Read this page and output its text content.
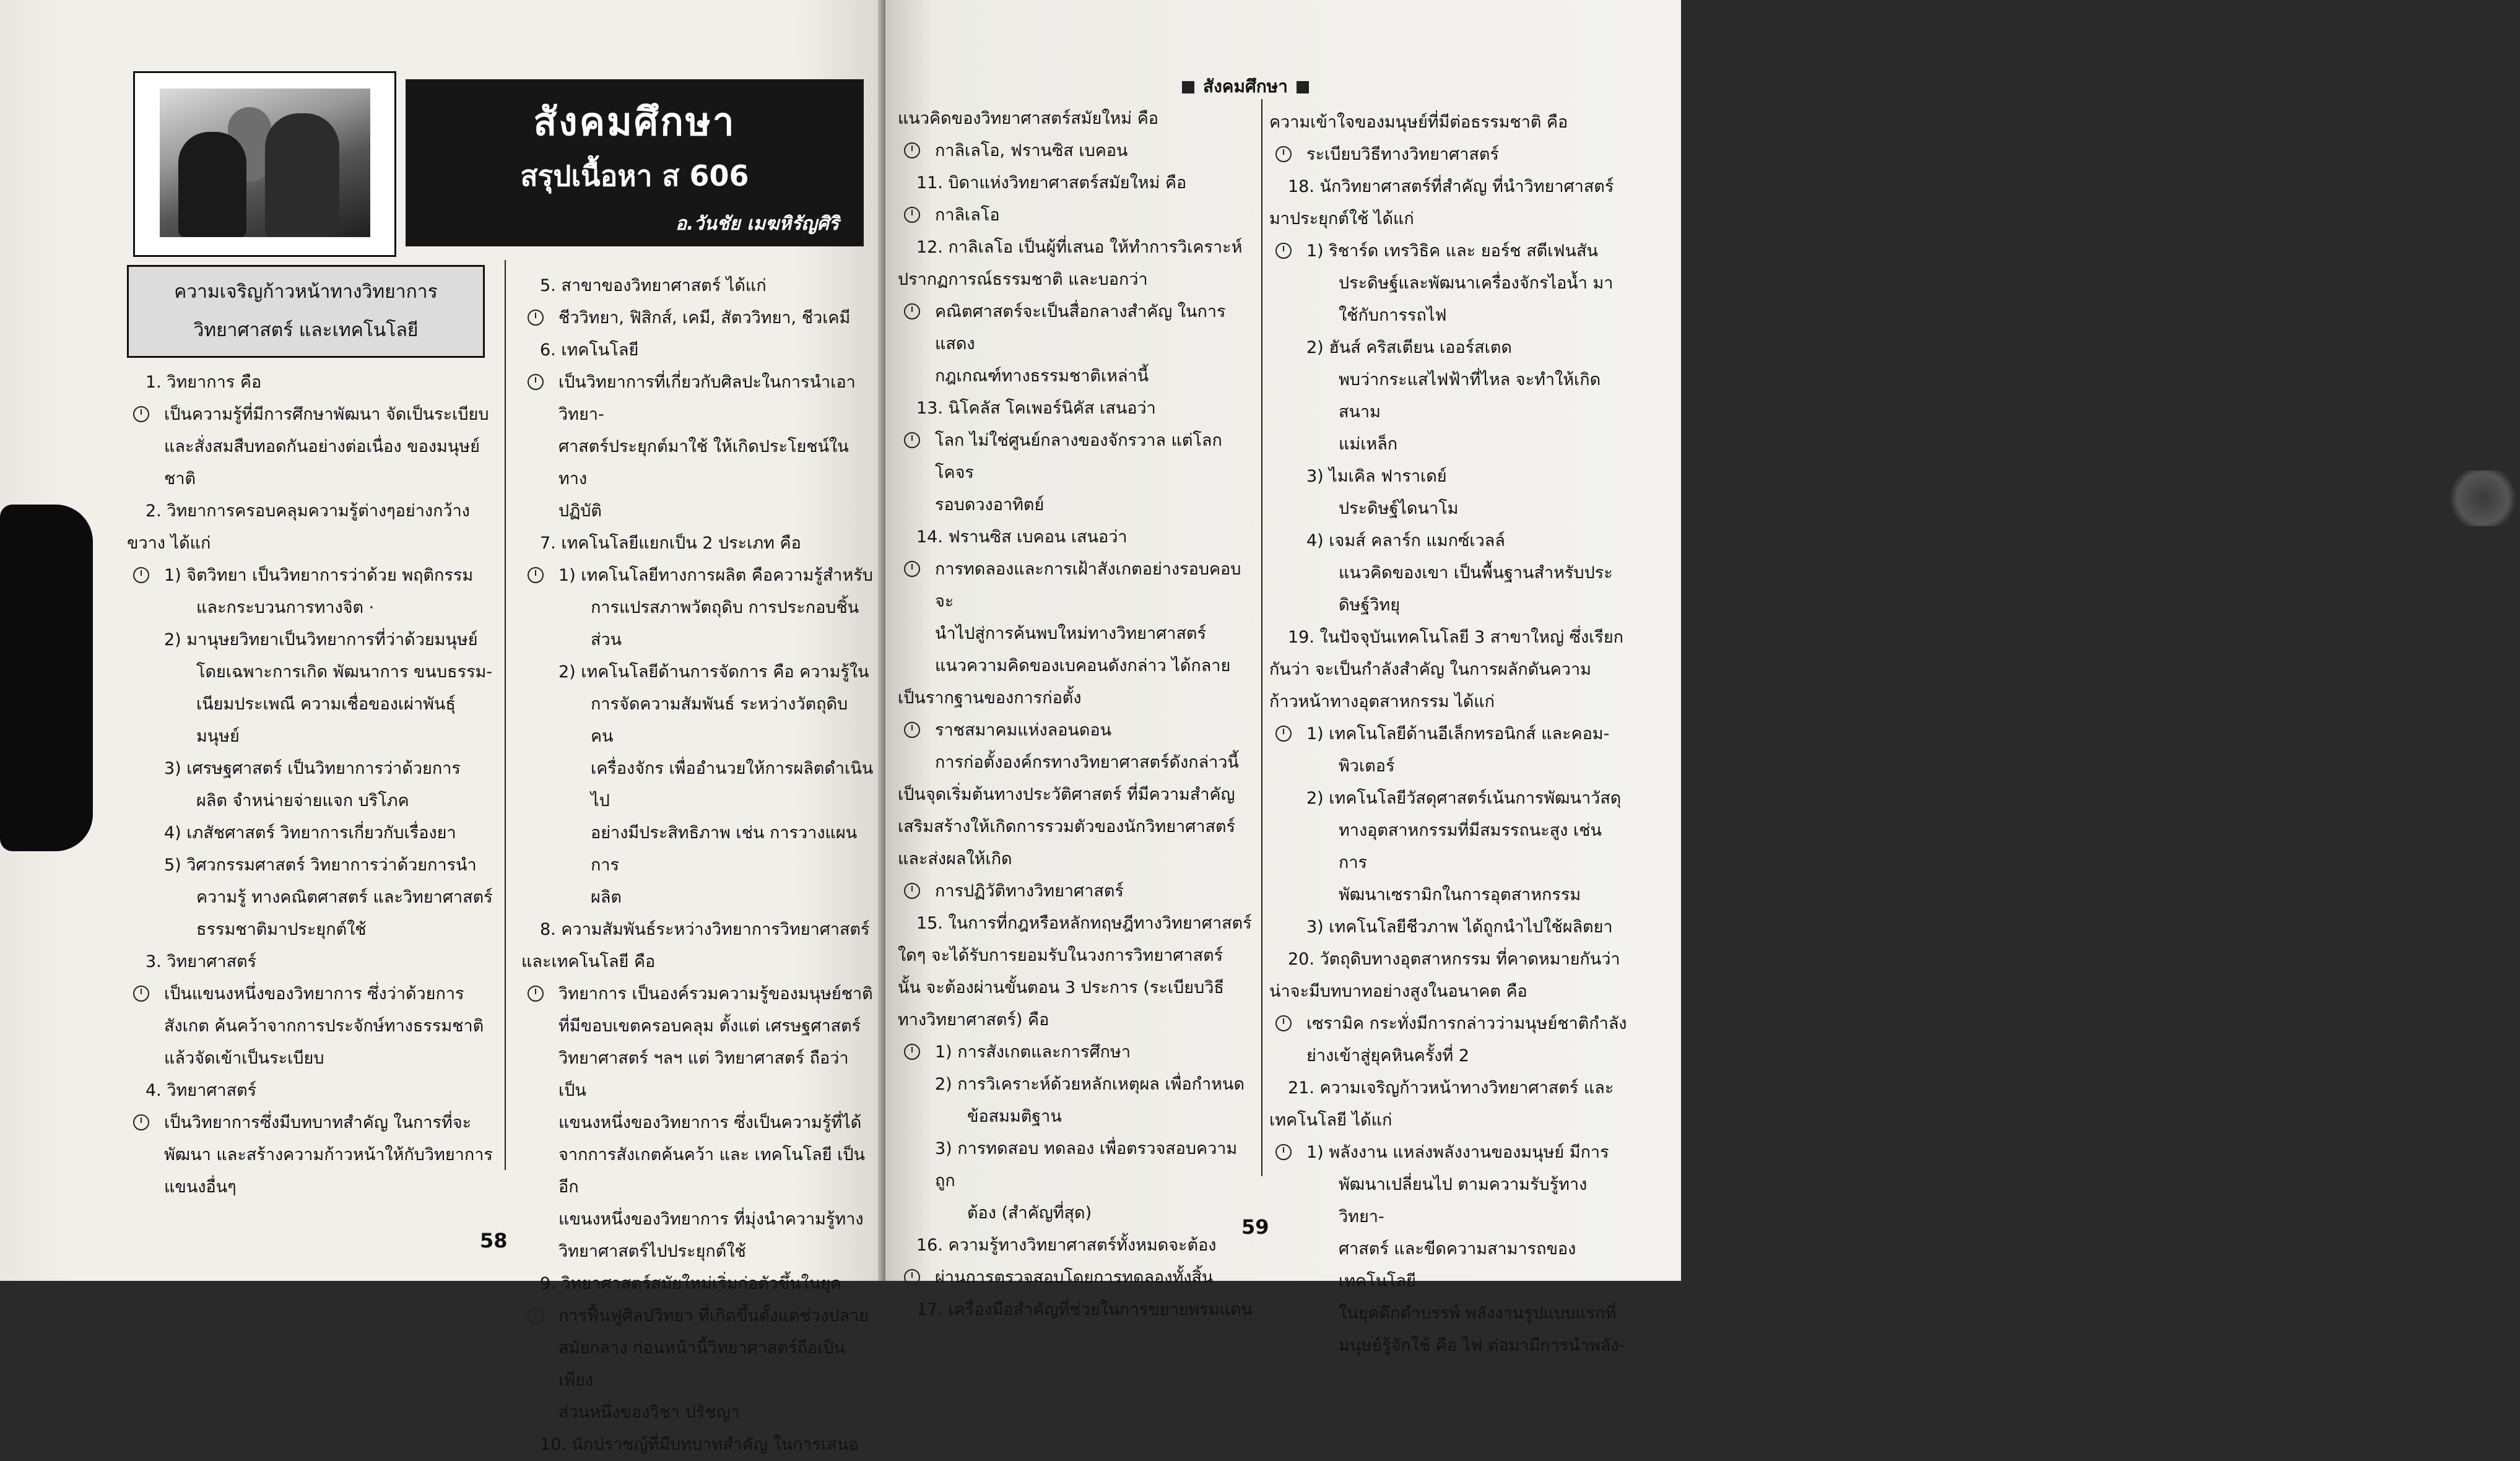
สังคมศึกษา
สรุปเนื้อหา ส 606
อ.วันชัย เมฆหิรัญศิริ
ความเจริญก้าวหน้าทางวิทยาการ
วิทยาศาสตร์ และเทคโนโลยี

1. วิทยาการ คือ

เป็นความรู้ที่มีการศึกษาพัฒนา จัดเป็นระเบียบ

และสั่งสมสืบทอดกันอย่างต่อเนื่อง ของมนุษย์

ชาติ

2. วิทยาการครอบคลุมความรู้ต่างๆอย่างกว้าง

ขวาง ได้แก่

1) จิตวิทยา เป็นวิทยาการว่าด้วย พฤติกรรม

และกระบวนการทางจิต ·

2) มานุษยวิทยาเป็นวิทยาการที่ว่าด้วยมนุษย์

โดยเฉพาะการเกิด พัฒนาการ ขนบธรรม-

เนียมประเพณี ความเชื่อของเผ่าพันธุ์มนุษย์

3) เศรษฐศาสตร์ เป็นวิทยาการว่าด้วยการ

ผลิต จำหน่ายจ่ายแจก บริโภค

4) เภสัชศาสตร์ วิทยาการเกี่ยวกับเรื่องยา

5) วิศวกรรมศาสตร์ วิทยาการว่าด้วยการนำ

ความรู้ ทางคณิตศาสตร์ และวิทยาศาสตร์

ธรรมชาติมาประยุกต์ใช้

3. วิทยาศาสตร์

เป็นแขนงหนึ่งของวิทยาการ ซึ่งว่าด้วยการ

สังเกต ค้นคว้าจากการประจักษ์ทางธรรมชาติ

แล้วจัดเข้าเป็นระเบียบ

4. วิทยาศาสตร์

เป็นวิทยาการซึ่งมีบทบาทสำคัญ ในการที่จะ

พัฒนา และสร้างความก้าวหน้าให้กับวิทยาการ

แขนงอื่นๆ

5. สาขาของวิทยาศาสตร์ ได้แก่

ชีววิทยา, ฟิสิกส์, เคมี, สัตววิทยา, ชีวเคมี

6. เทคโนโลยี

เป็นวิทยาการที่เกี่ยวกับศิลปะในการนำเอาวิทยา-

ศาสตร์ประยุกต์มาใช้ ให้เกิดประโยชน์ในทาง

ปฏิบัติ

7. เทคโนโลยีแยกเป็น 2 ประเภท คือ

1) เทคโนโลยีทางการผลิต คือความรู้สำหรับ

การแปรสภาพวัตถุดิบ การประกอบชิ้นส่วน

2) เทคโนโลยีด้านการจัดการ คือ ความรู้ใน

การจัดความสัมพันธ์ ระหว่างวัตถุดิบ คน

เครื่องจักร เพื่ออำนวยให้การผลิตดำเนินไป

อย่างมีประสิทธิภาพ เช่น การวางแผนการ

ผลิต

8. ความสัมพันธ์ระหว่างวิทยาการวิทยาศาสตร์

และเทคโนโลยี คือ

วิทยาการ เป็นองค์รวมความรู้ของมนุษย์ชาติ

ที่มีขอบเขตครอบคลุม ตั้งแต่ เศรษฐศาสตร์

วิทยาศาสตร์ ฯลฯ แต่ วิทยาศาสตร์ ถือว่าเป็น

แขนงหนึ่งของวิทยาการ ซึ่งเป็นความรู้ที่ได้

จากการสังเกตค้นคว้า และ เทคโนโลยี เป็นอีก

แขนงหนึ่งของวิทยาการ ที่มุ่งนำความรู้ทาง

วิทยาศาสตร์ไปประยุกต์ใช้

9. วิทยาศาสตร์สมัยใหม่เริ่มก่อตัวขึ้นในยุค

การฟื้นฟูศิลปวิทยา ที่เกิดขึ้นตั้งแต่ช่วงปลาย

สมัยกลาง ก่อนหน้านี้วิทยาศาสตร์ถือเป็นเพียง

ส่วนหนึ่งของวิชา ปรัชญา

10. นักปราชญ์ที่มีบทบาทสำคัญ ในการเสนอ

58
สังคมศึกษา

แนวคิดของวิทยาศาสตร์สมัยใหม่ คือ

กาลิเลโอ, ฟรานซิส เบคอน

11. บิดาแห่งวิทยาศาสตร์สมัยใหม่ คือ

กาลิเลโอ

12. กาลิเลโอ เป็นผู้ที่เสนอ ให้ทำการวิเคราะห์

ปรากฏการณ์ธรรมชาติ และบอกว่า

คณิตศาสตร์จะเป็นสื่อกลางสำคัญ ในการแสดง

กฎเกณฑ์ทางธรรมชาติเหล่านี้

13. นิโคลัส โคเพอร์นิคัส เสนอว่า

โลก ไม่ใช่ศูนย์กลางของจักรวาล แต่โลกโคจร

รอบดวงอาทิตย์

14. ฟรานซิส เบคอน เสนอว่า

การทดลองและการเฝ้าสังเกตอย่างรอบคอบจะ

นำไปสู่การค้นพบใหม่ทางวิทยาศาสตร์

แนวความคิดของเบคอนดังกล่าว ได้กลาย

เป็นรากฐานของการก่อตั้ง

ราชสมาคมแห่งลอนดอน

การก่อตั้งองค์กรทางวิทยาศาสตร์ดังกล่าวนี้

เป็นจุดเริ่มต้นทางประวัติศาสตร์ ที่มีความสำคัญ

เสริมสร้างให้เกิดการรวมตัวของนักวิทยาศาสตร์

และส่งผลให้เกิด

การปฏิวัติทางวิทยาศาสตร์

15. ในการที่กฎหรือหลักทฤษฎีทางวิทยาศาสตร์

ใดๆ จะได้รับการยอมรับในวงการวิทยาศาสตร์

นั้น จะต้องผ่านขั้นตอน 3 ประการ (ระเบียบวิธี

ทางวิทยาศาสตร์) คือ

1) การสังเกตและการศึกษา

2) การวิเคราะห์ด้วยหลักเหตุผล เพื่อกำหนด

ข้อสมมติฐาน

3) การทดสอบ ทดลอง เพื่อตรวจสอบความถูก

ต้อง (สำคัญที่สุด)

16. ความรู้ทางวิทยาศาสตร์ทั้งหมดจะต้อง

ผ่านการตรวจสอบโดยการทดลองทั้งสิ้น

17. เครื่องมือสำคัญที่ช่วยในการขยายพรมแดน

ความเข้าใจของมนุษย์ที่มีต่อธรรมชาติ คือ

ระเบียบวิธีทางวิทยาศาสตร์

18. นักวิทยาศาสตร์ที่สำคัญ ที่นำวิทยาศาสตร์

มาประยุกต์ใช้ ได้แก่

1) ริชาร์ด เทรวิธิค และ ยอร์ช สตีเฟนสัน

ประดิษฐ์และพัฒนาเครื่องจักรไอน้ำ มา

ใช้กับการรถไฟ

2) ฮันส์ คริสเตียน เออร์สเตด

พบว่ากระแสไฟฟ้าที่ไหล จะทำให้เกิดสนาม

แม่เหล็ก

3) ไมเคิล ฟาราเดย์

ประดิษฐ์ไดนาโม

4) เจมส์ คลาร์ก แมกซ์เวลล์

แนวคิดของเขา เป็นพื้นฐานสำหรับประ

ดิษฐ์วิทยุ

19. ในปัจจุบันเทคโนโลยี 3 สาขาใหญ่ ซึ่งเรียก

กันว่า จะเป็นกำลังสำคัญ ในการผลักดันความ

ก้าวหน้าทางอุตสาหกรรม ได้แก่

1) เทคโนโลยีด้านอีเล็กทรอนิกส์ และคอม-

พิวเตอร์

2) เทคโนโลยีวัสดุศาสตร์เน้นการพัฒนาวัสดุ

ทางอุตสาหกรรมที่มีสมรรถนะสูง เช่น การ

พัฒนาเซรามิกในการอุตสาหกรรม

3) เทคโนโลยีชีวภาพ ได้ถูกนำไปใช้ผลิตยา

20. วัตถุดิบทางอุตสาหกรรม ที่คาดหมายกันว่า

น่าจะมีบทบาทอย่างสูงในอนาคต คือ

เซรามิค กระทั่งมีการกล่าวว่ามนุษย์ชาติกำลัง

ย่างเข้าสู่ยุคหินครั้งที่ 2

21. ความเจริญก้าวหน้าทางวิทยาศาสตร์ และ

เทคโนโลยี ได้แก่

1) พลังงาน แหล่งพลังงานของมนุษย์ มีการ

พัฒนาเปลี่ยนไป ตามความรับรู้ทางวิทยา-

ศาสตร์ และขีดความสามารถของเทคโนโลยี

ในยุคดึกดำบรรพ์ พลังงานรูปแบบแรกที่

มนุษย์รู้จักใช้ คือ ไฟ ต่อมามีการนำพลัง-

59
